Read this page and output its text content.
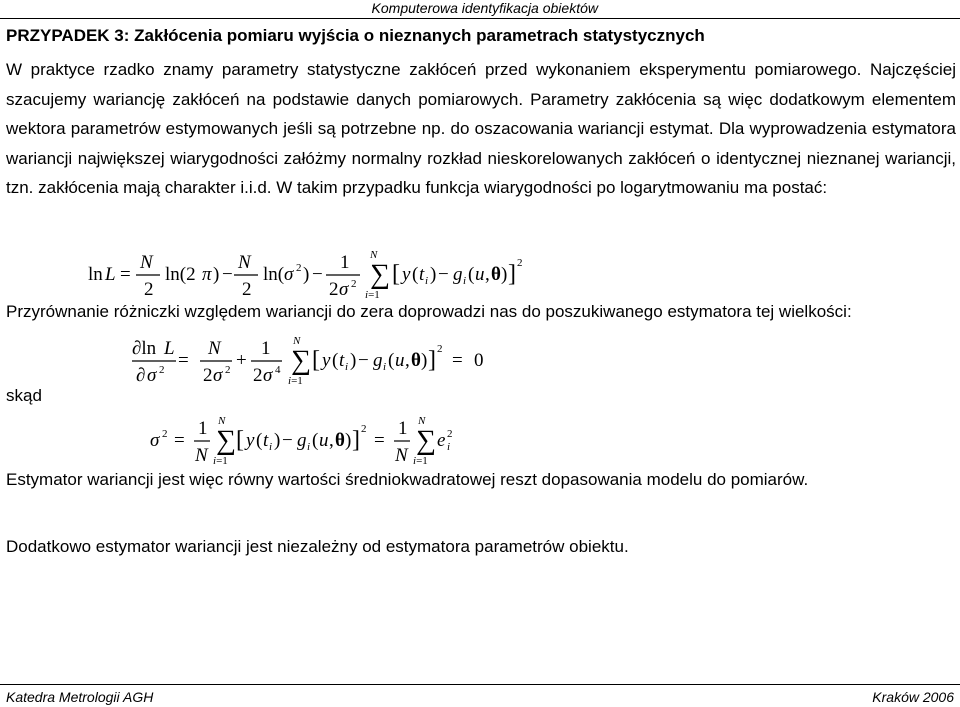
Komputerowa identyfikacja obiektów
PRZYPADEK 3: Zakłócenia pomiaru wyjścia o nieznanych parametrach statystycznych
W praktyce rzadko znamy parametry statystyczne zakłóceń przed wykonaniem eksperymentu pomiarowego. Najczęściej szacujemy wariancję zakłóceń na podstawie danych pomiarowych. Parametry zakłócenia są więc dodatkowym elementem wektora parametrów estymowanych jeśli są potrzebne np. do oszacowania wariancji estymat. Dla wyprowadzenia estymatora wariancji największej wiarygodności załóżmy normalny rozkład nieskorelowanych zakłóceń o identycznej nieznanej wariancji, tzn. zakłócenia mają charakter i.i.d. W takim przypadku funkcja wiarygodności po logarytmowaniu ma postać:
ln L =
N
2
ln(2 π ) −
N
2
ln( σ 2 ) −
1
2 σ 2 ∑
N
i=1
[ y ( t i ) − g i ( u , θ ) ] 2
Przyrównanie różniczki względem wariancji do zera doprowadzi nas do poszukiwanego estymatora tej wielkości:
∂ln L
∂ σ 2 =
N
2 σ 2 +
1
2 σ 4 ∑
N
i=1
[ y ( t i ) − g i ( u , θ ) ] 2
= 0
skąd
σ 2 =
1
N ∑
N
i=1
[ y ( t i ) − g i ( u , θ ) ] 2
=
1
N ∑
N
i=1
e i
2
Estymator wariancji jest więc równy wartości średniokwadratowej reszt dopasowania modelu do pomiarów.
Dodatkowo estymator wariancji jest niezależny od estymatora parametrów obiektu.
Katedra Metrologii AGH	Kraków 2006
